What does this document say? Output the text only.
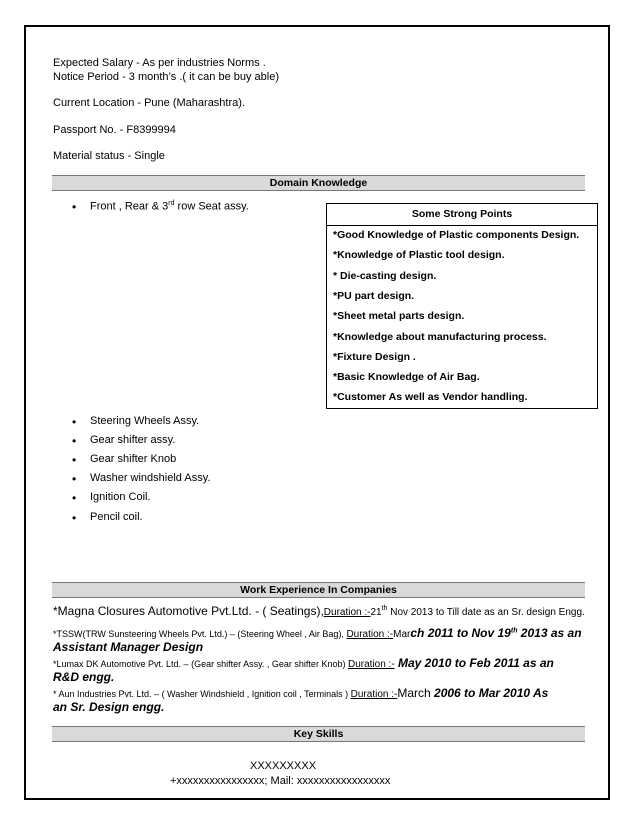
Expected Salary - As per industries Norms .
Notice Period - 3 month’s .( it can be buy able)
Current Location - Pune (Maharashtra).
Passport No. - F8399994
Material status - Single
Domain Knowledge
• Front , Rear & 3rd row Seat assy.
Some Strong Points
*Good Knowledge of Plastic components Design.
*Knowledge of Plastic tool design.
* Die-casting design.
*PU part design.
*Sheet metal parts design.
*Knowledge about manufacturing process.
*Fixture Design .
*Basic Knowledge of Air Bag.
*Customer As well as Vendor handling.
• Steering Wheels Assy.
• Gear shifter assy.
• Gear shifter Knob
• Washer windshield Assy.
• Ignition Coil.
• Pencil coil.
Work Experience In Companies
*Magna Closures Automotive Pvt.Ltd. - ( Seatings),Duration :-21th Nov 2013 to Till date as an Sr. design Engg.
*TSSW(TRW Sunsteering Wheels Pvt. Ltd.) – (Steering Wheel , Air Bag), Duration :-March 2011 to Nov 19th 2013 as an
Assistant Manager Design
*Lumax DK Automotive Pvt. Ltd. – (Gear shifter Assy. , Gear shifter Knob) Duration :- May 2010 to Feb 2011 as an
R&D engg.
* Aun Industries Pvt. Ltd. – ( Washer Windshield , Ignition coil , Terminals ) Duration :-March 2006 to Mar 2010 As
an Sr. Design engg.
Key Skills
XXXXXXXXX
+xxxxxxxxxxxxxxxx; Mail: xxxxxxxxxxxxxxxxx
